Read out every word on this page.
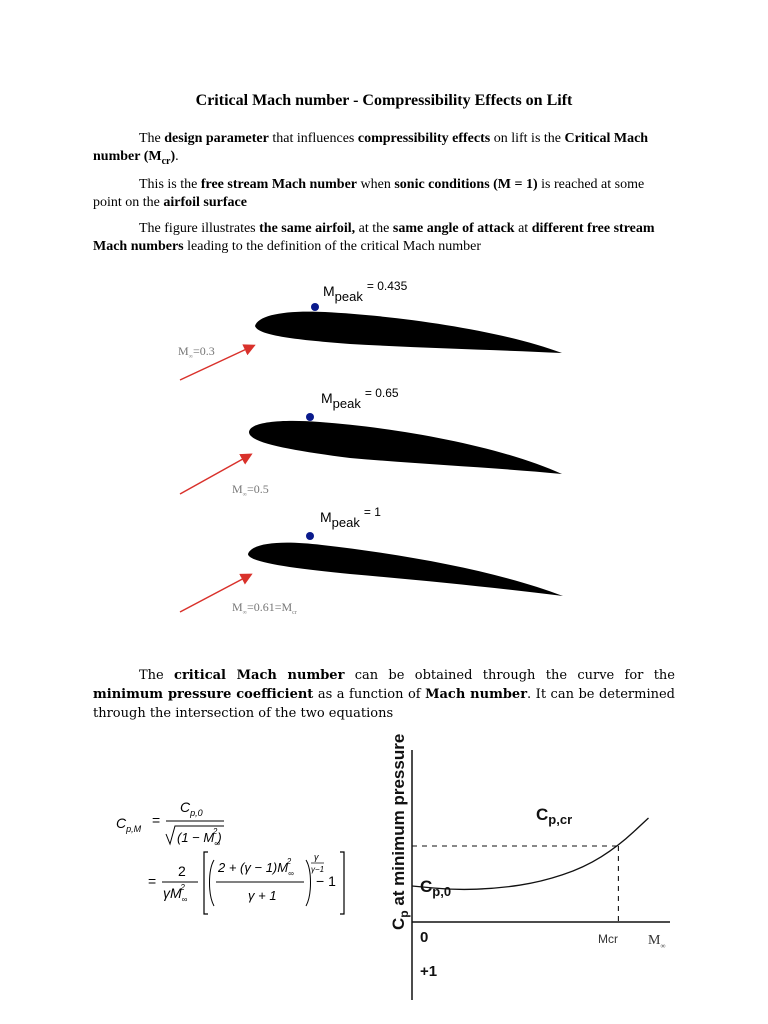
Critical Mach number - Compressibility Effects on Lift
The design parameter that influences compressibility effects on lift is the Critical Mach number $(M_{cr})$.
This is the free stream Mach number when sonic conditions (M = 1) is reached at some point on the airfoil surface
The figure illustrates the same airfoil, at the same angle of attack at different free stream Mach numbers leading to the definition of the critical Mach number
Mpeak= 0.435
$M_\infty=0.3$
Mpeak= 0.65
$M_\infty=0.5$
Mpeak= 1
$M_\infty=0.61=M_{cr}$
The critical Mach number can be obtained through the curve for the minimum pressure coefficient as a function of Mach number. It can be determined through the intersection of the two equations
$C_{p,M}$
=
$C_{p,0}$
$(1 - M_\infty 2)$
=
2
$\gamma M_\infty 2$
$2 + (\gamma - 1)M_\infty 2$
γ + 1
γ
γ−1
− 1
$C_p$ at minimum pressure
0
+1
Mcr $M_\infty$
$C_{p,cr}$
$C_{p,0}$
